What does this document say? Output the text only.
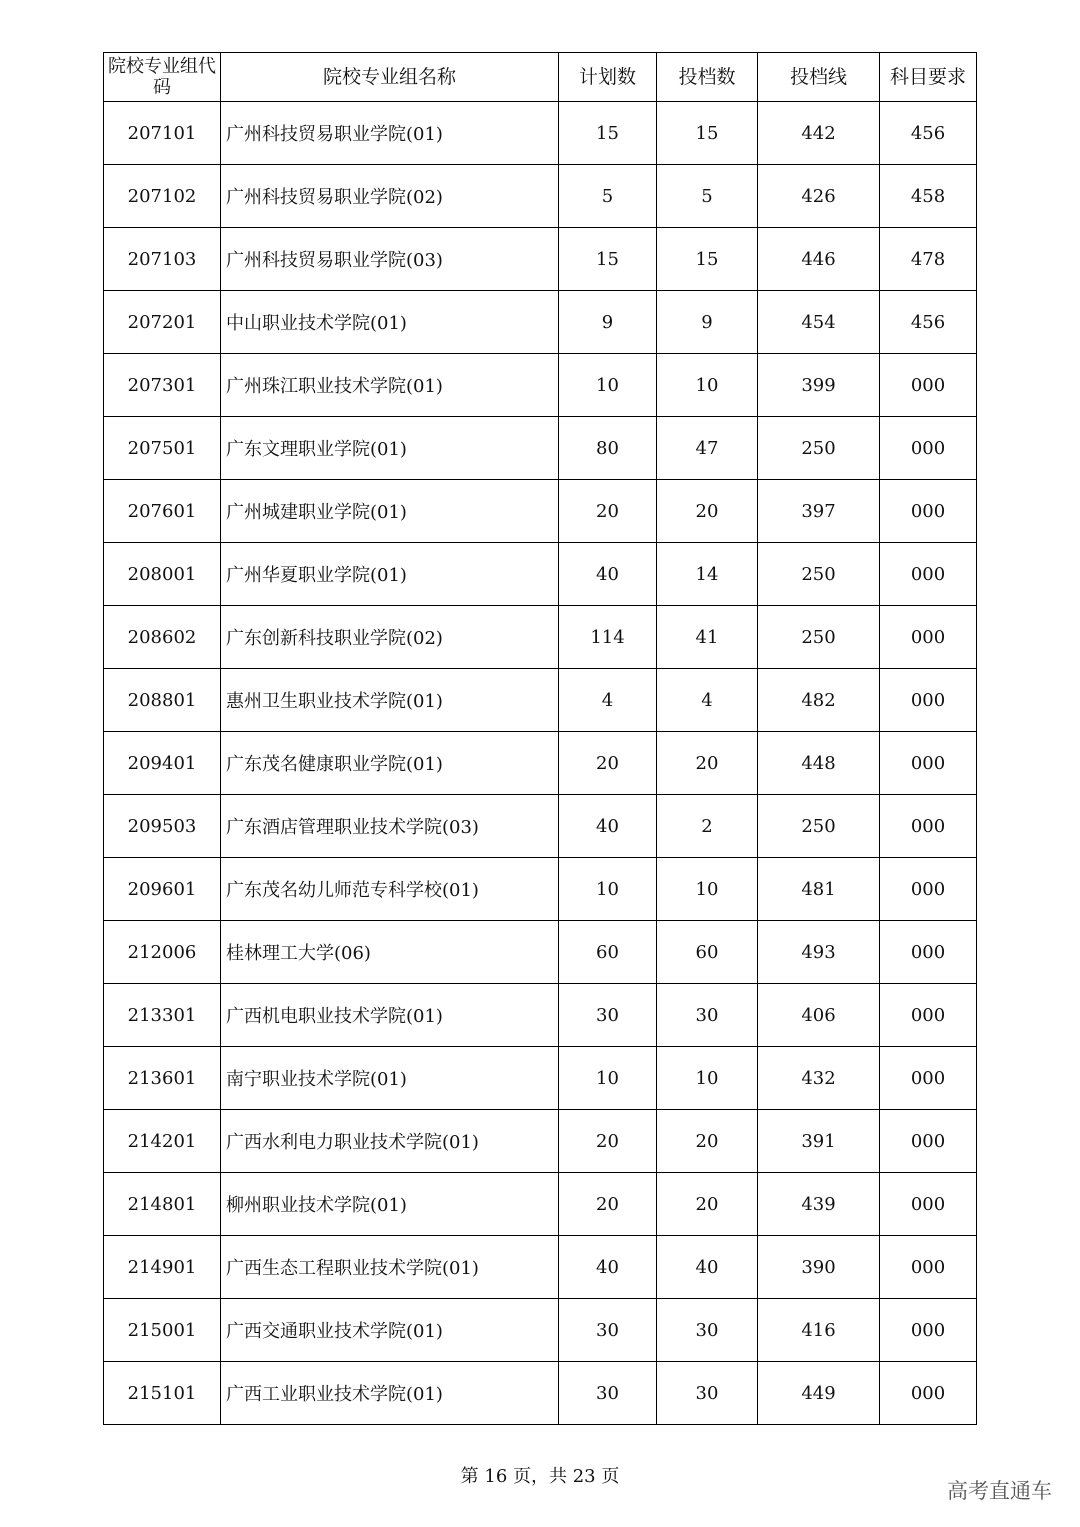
院校专业组代码	院校专业组名称	计划数	投档数	投档线	科目要求
207101	广州科技贸易职业学院(01)	15	15	442	456
207102	广州科技贸易职业学院(02)	5	5	426	458
207103	广州科技贸易职业学院(03)	15	15	446	478
207201	中山职业技术学院(01)	9	9	454	456
207301	广州珠江职业技术学院(01)	10	10	399	000
207501	广东文理职业学院(01)	80	47	250	000
207601	广州城建职业学院(01)	20	20	397	000
208001	广州华夏职业学院(01)	40	14	250	000
208602	广东创新科技职业学院(02)	114	41	250	000
208801	惠州卫生职业技术学院(01)	4	4	482	000
209401	广东茂名健康职业学院(01)	20	20	448	000
209503	广东酒店管理职业技术学院(03)	40	2	250	000
209601	广东茂名幼儿师范专科学校(01)	10	10	481	000
212006	桂林理工大学(06)	60	60	493	000
213301	广西机电职业技术学院(01)	30	30	406	000
213601	南宁职业技术学院(01)	10	10	432	000
214201	广西水利电力职业技术学院(01)	20	20	391	000
214801	柳州职业技术学院(01)	20	20	439	000
214901	广西生态工程职业技术学院(01)	40	40	390	000
215001	广西交通职业技术学院(01)	30	30	416	000
215101	广西工业职业技术学院(01)	30	30	449	000
第 16 页，共 23 页
高考直通车
